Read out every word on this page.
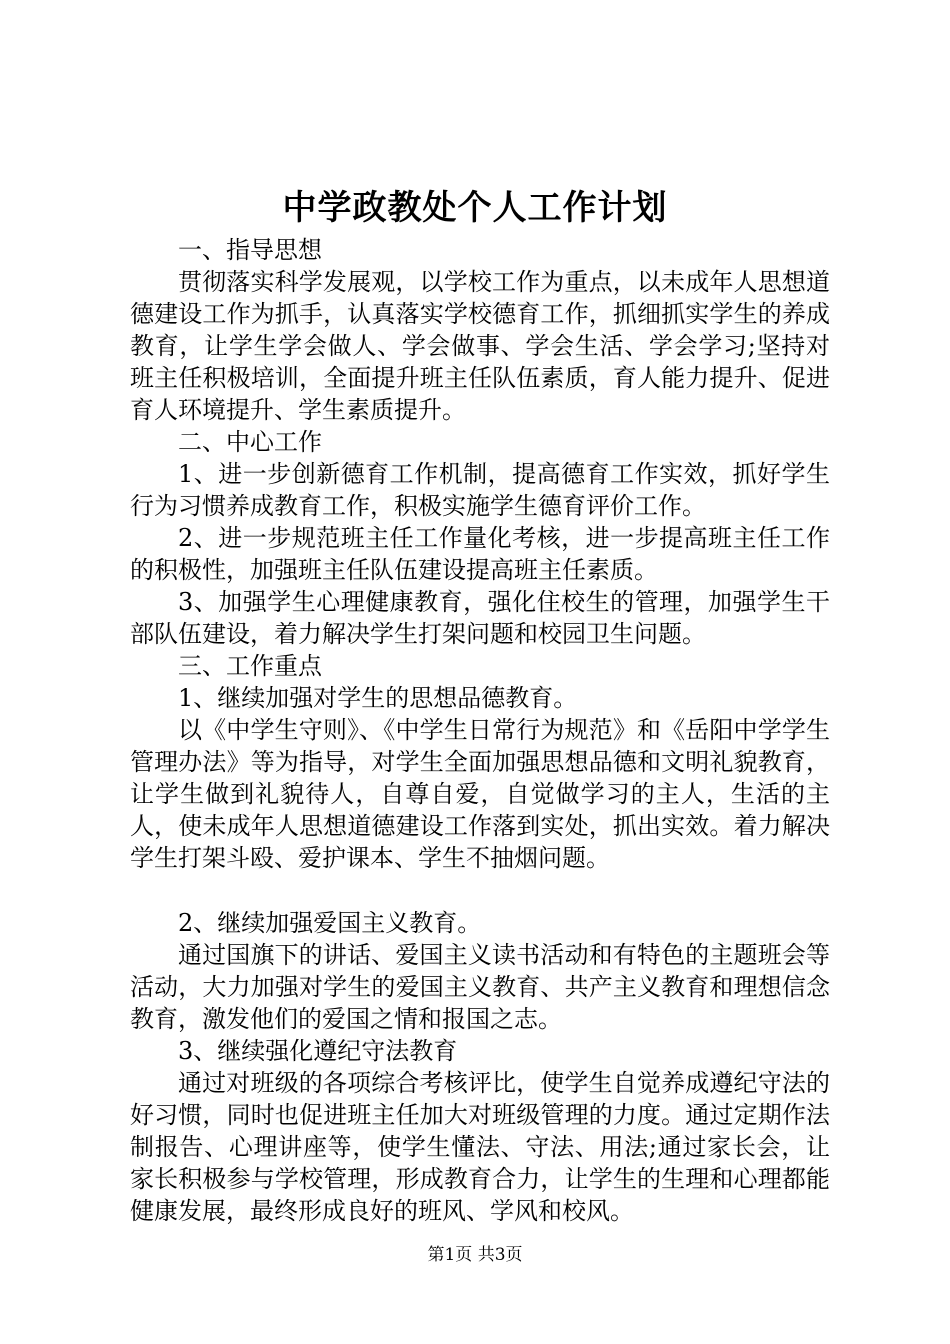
中学政教处个人工作计划

一、指导思想

贯彻落实科学发展观，以学校工作为重点，以未成年人思想道德建设工作为抓手，认真落实学校德育工作，抓细抓实学生的养成教育，让学生学会做人、学会做事、学会生活、学会学习;坚持对班主任积极培训，全面提升班主任队伍素质，育人能力提升、促进育人环境提升、学生素质提升。

二、中心工作

1、进一步创新德育工作机制，提高德育工作实效，抓好学生行为习惯养成教育工作，积极实施学生德育评价工作。

2、进一步规范班主任工作量化考核，进一步提高班主任工作的积极性，加强班主任队伍建设提高班主任素质。

3、加强学生心理健康教育，强化住校生的管理，加强学生干部队伍建设，着力解决学生打架问题和校园卫生问题。

三、工作重点

1、继续加强对学生的思想品德教育。

以《中学生守则》、《中学生日常行为规范》和《岳阳中学学生管理办法》等为指导，对学生全面加强思想品德和文明礼貌教育，让学生做到礼貌待人，自尊自爱，自觉做学习的主人，生活的主人，使未成年人思想道德建设工作落到实处，抓出实效。着力解决学生打架斗殴、爱护课本、学生不抽烟问题。

2、继续加强爱国主义教育。

通过国旗下的讲话、爱国主义读书活动和有特色的主题班会等活动，大力加强对学生的爱国主义教育、共产主义教育和理想信念教育，激发他们的爱国之情和报国之志。

3、继续强化遵纪守法教育

通过对班级的各项综合考核评比，使学生自觉养成遵纪守法的好习惯，同时也促进班主任加大对班级管理的力度。通过定期作法制报告、心理讲座等，使学生懂法、守法、用法;通过家长会，让家长积极参与学校管理，形成教育合力，让学生的生理和心理都能健康发展，最终形成良好的班风、学风和校风。

第1页 共3页
